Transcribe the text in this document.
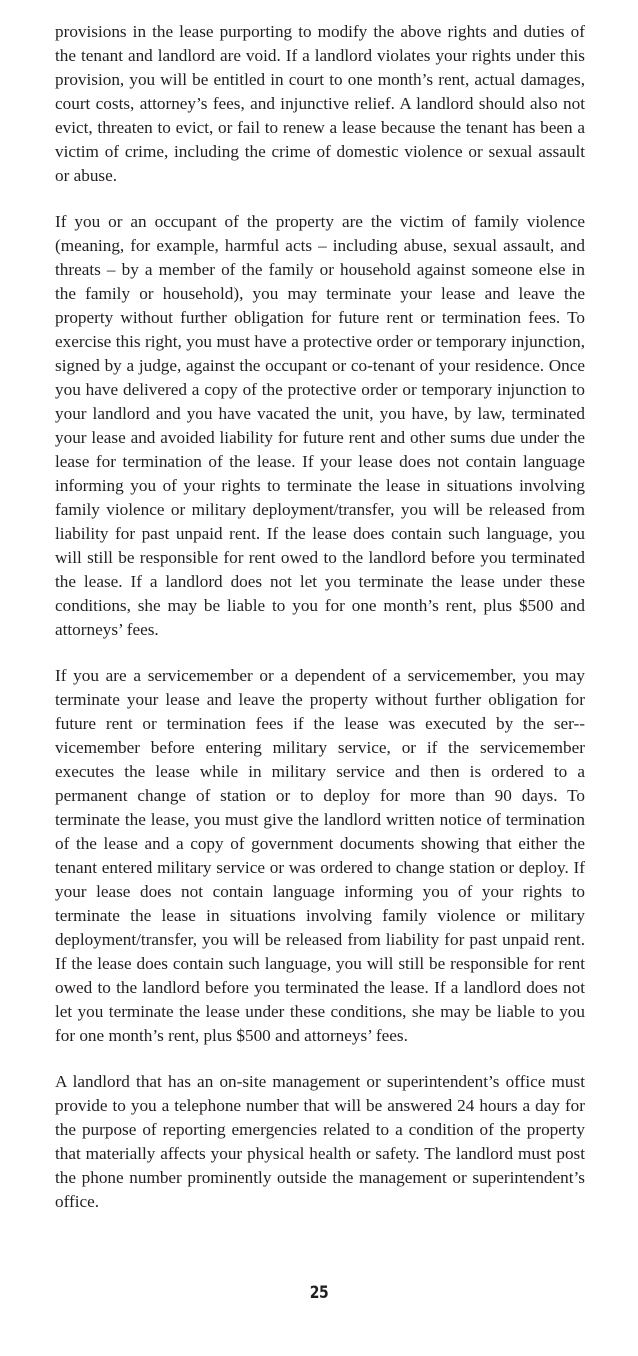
provisions in the lease purporting to modify the above rights and duties of the tenant and landlord are void. If a landlord violates your rights under this provision, you will be entitled in court to one month’s rent, actual damages, court costs, attorney’s fees, and injunctive relief. A landlord should also not evict, threaten to evict, or fail to renew a lease because the tenant has been a victim of crime, including the crime of domestic violence or sexual assault or abuse.

If you or an occupant of the property are the victim of family violence (meaning, for example, harmful acts – including abuse, sexual assault, and threats – by a member of the family or household against someone else in the family or household), you may terminate your lease and leave the property without further obligation for future rent or termination fees. To exercise this right, you must have a protective order or temporary injunction, signed by a judge, against the occupant or co-tenant of your residence. Once you have delivered a copy of the protective order or temporary injunction to your landlord and you have vacated the unit, you have, by law, terminated your lease and avoided liability for future rent and other sums due under the lease for termination of the lease. If your lease does not contain language informing you of your rights to terminate the lease in situations involving family violence or military deployment/transfer, you will be released from liability for past unpaid rent. If the lease does contain such language, you will still be responsible for rent owed to the landlord before you terminated the lease. If a landlord does not let you terminate the lease under these conditions, she may be liable to you for one month’s rent, plus $500 and attorneys’ fees.

If you are a servicemember or a dependent of a servicemember, you may terminate your lease and leave the property without further obligation for future rent or termination fees if the lease was executed by the ser-vicemember before entering military service, or if the servicemember executes the lease while in military service and then is ordered to a permanent change of station or to deploy for more than 90 days. To terminate the lease, you must give the landlord written notice of termination of the lease and a copy of government documents showing that either the tenant entered military service or was ordered to change station or deploy. If your lease does not contain language informing you of your rights to terminate the lease in situations involving family violence or military deployment/transfer, you will be released from liability for past unpaid rent. If the lease does contain such language, you will still be responsible for rent owed to the landlord before you terminated the lease. If a landlord does not let you terminate the lease under these conditions, she may be liable to you for one month’s rent, plus $500 and attorneys’ fees.

A landlord that has an on-site management or superintendent’s office must provide to you a telephone number that will be answered 24 hours a day for the purpose of reporting emergencies related to a condition of the property that materially affects your physical health or safety. The landlord must post the phone number prominently outside the management or superintendent’s office.

25
